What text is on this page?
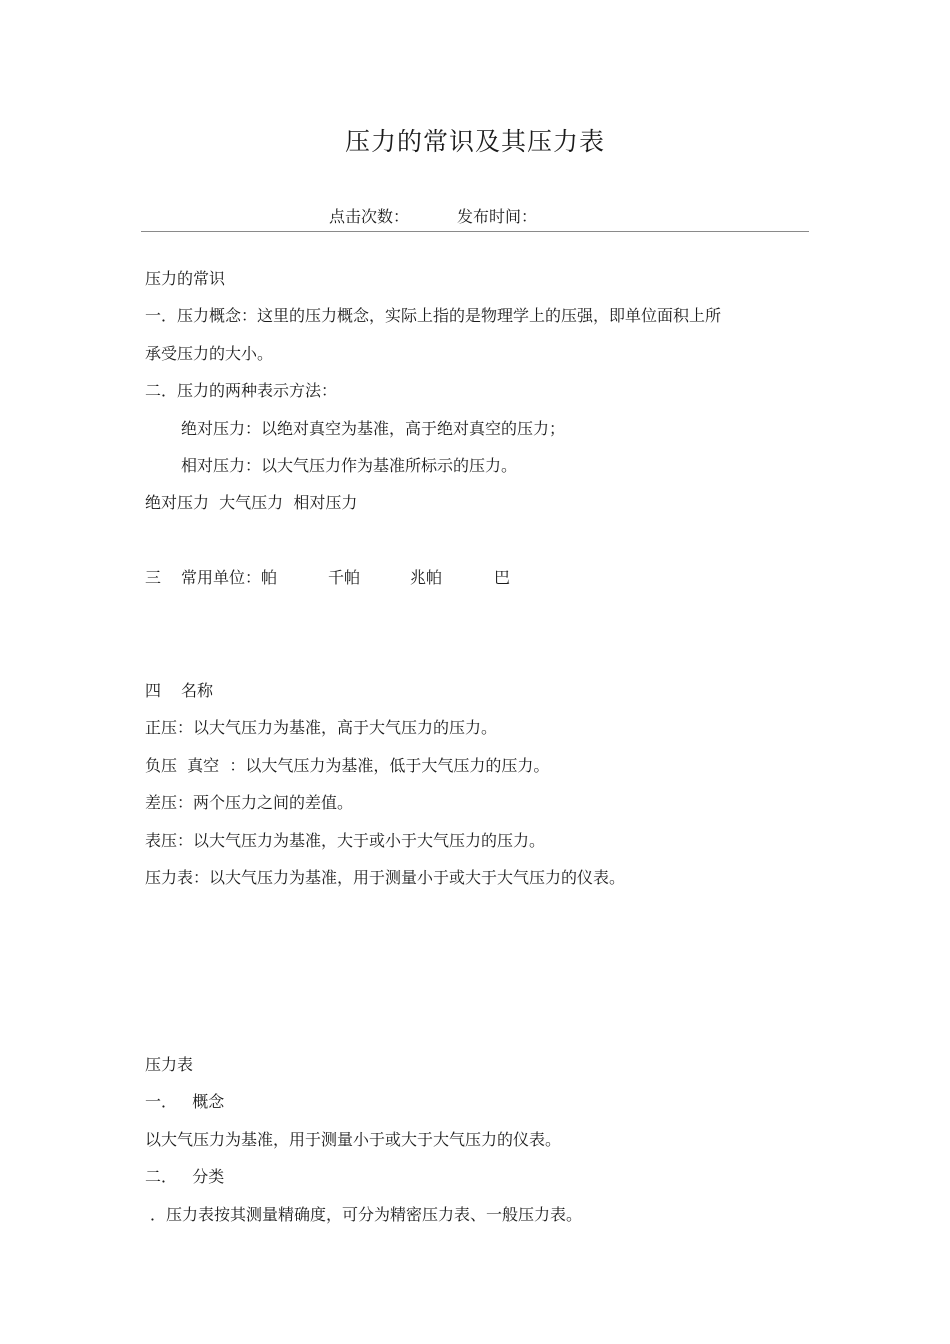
压力的常识及其压力表
点击次数：	发布时间：
压力的常识
一．压力概念：这里的压力概念，实际上指的是物理学上的压强，即单位面积上所
承受压力的大小。
二．压力的两种表示方法：
绝对压力：以绝对真空为基准，高于绝对真空的压力；
相对压力：以大气压力作为基准所标示的压力。
绝对压力  大气压力  相对压力
三 常用单位：帕	千帕	兆帕	巴
四 名称
正压：以大气压力为基准，高于大气压力的压力。
负压  真空  ：以大气压力为基准，低于大气压力的压力。
差压：两个压力之间的差值。
表压：以大气压力为基准，大于或小于大气压力的压力。
压力表：以大气压力为基准，用于测量小于或大于大气压力的仪表。
压力表
一．   概念
以大气压力为基准，用于测量小于或大于大气压力的仪表。
二．   分类
．压力表按其测量精确度，可分为精密压力表、一般压力表。
